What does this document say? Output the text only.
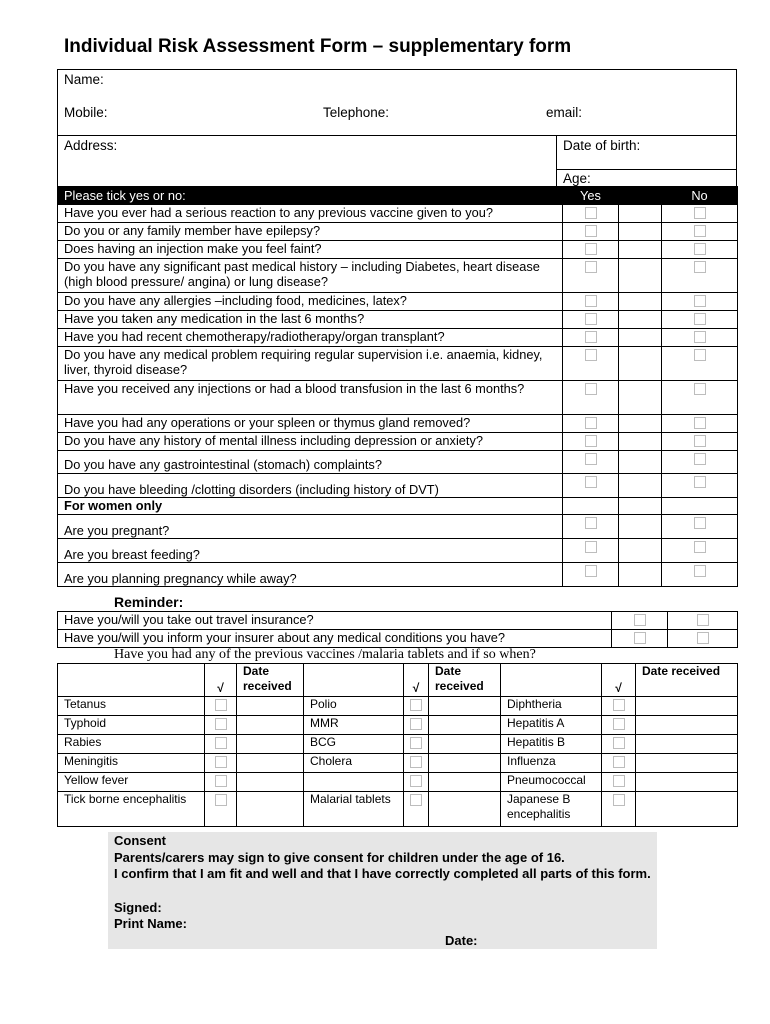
Individual Risk Assessment Form – supplementary form
Name:
Mobile:	Telephone:	email:
Address:	Date of birth:
Age:
Please tick yes or no:	Yes		No
Have you ever had a serious reaction to any previous vaccine given to you?			
Do you or any family member have epilepsy?			
Does having an injection make you feel faint?			
Do you have any significant past medical history – including Diabetes, heart disease (high blood pressure/ angina) or lung disease?			
Do you have any allergies –including food, medicines, latex?			
Have you taken any medication in the last 6 months?			
Have you had recent chemotherapy/radiotherapy/organ transplant?			
Do you have any medical problem requiring regular supervision i.e. anaemia, kidney, liver, thyroid disease?			
Have you received any injections or had a blood transfusion in the last 6 months?			
Have you had any operations or your spleen or thymus gland removed?			
Do you have any history of mental illness including depression or anxiety?			
Do you have any gastrointestinal (stomach) complaints?			
Do you have bleeding /clotting disorders (including history of DVT)			
For women only			
Are you pregnant?			
Are you breast feeding?			
Are you planning pregnancy while away?			
Reminder:
Have you/will you take out travel insurance?		
Have you/will you inform your insurer about any medical conditions you have?		
Have you had any of the previous vaccines /malaria tablets and if so when?
	√	Date received		√	Date received		√	Date received
Tetanus			Polio			Diphtheria		
Typhoid			MMR			Hepatitis A		
Rabies			BCG			Hepatitis B		
Meningitis			Cholera			Influenza		
Yellow fever						Pneumococcal		
Tick borne encephalitis			Malarial tablets			Japanese B encephalitis		
Consent
Parents/carers may sign to give consent for children under the age of 16.
I confirm that I am fit and well and that I have correctly completed all parts of this form.
Signed:
Print Name:
Date:
